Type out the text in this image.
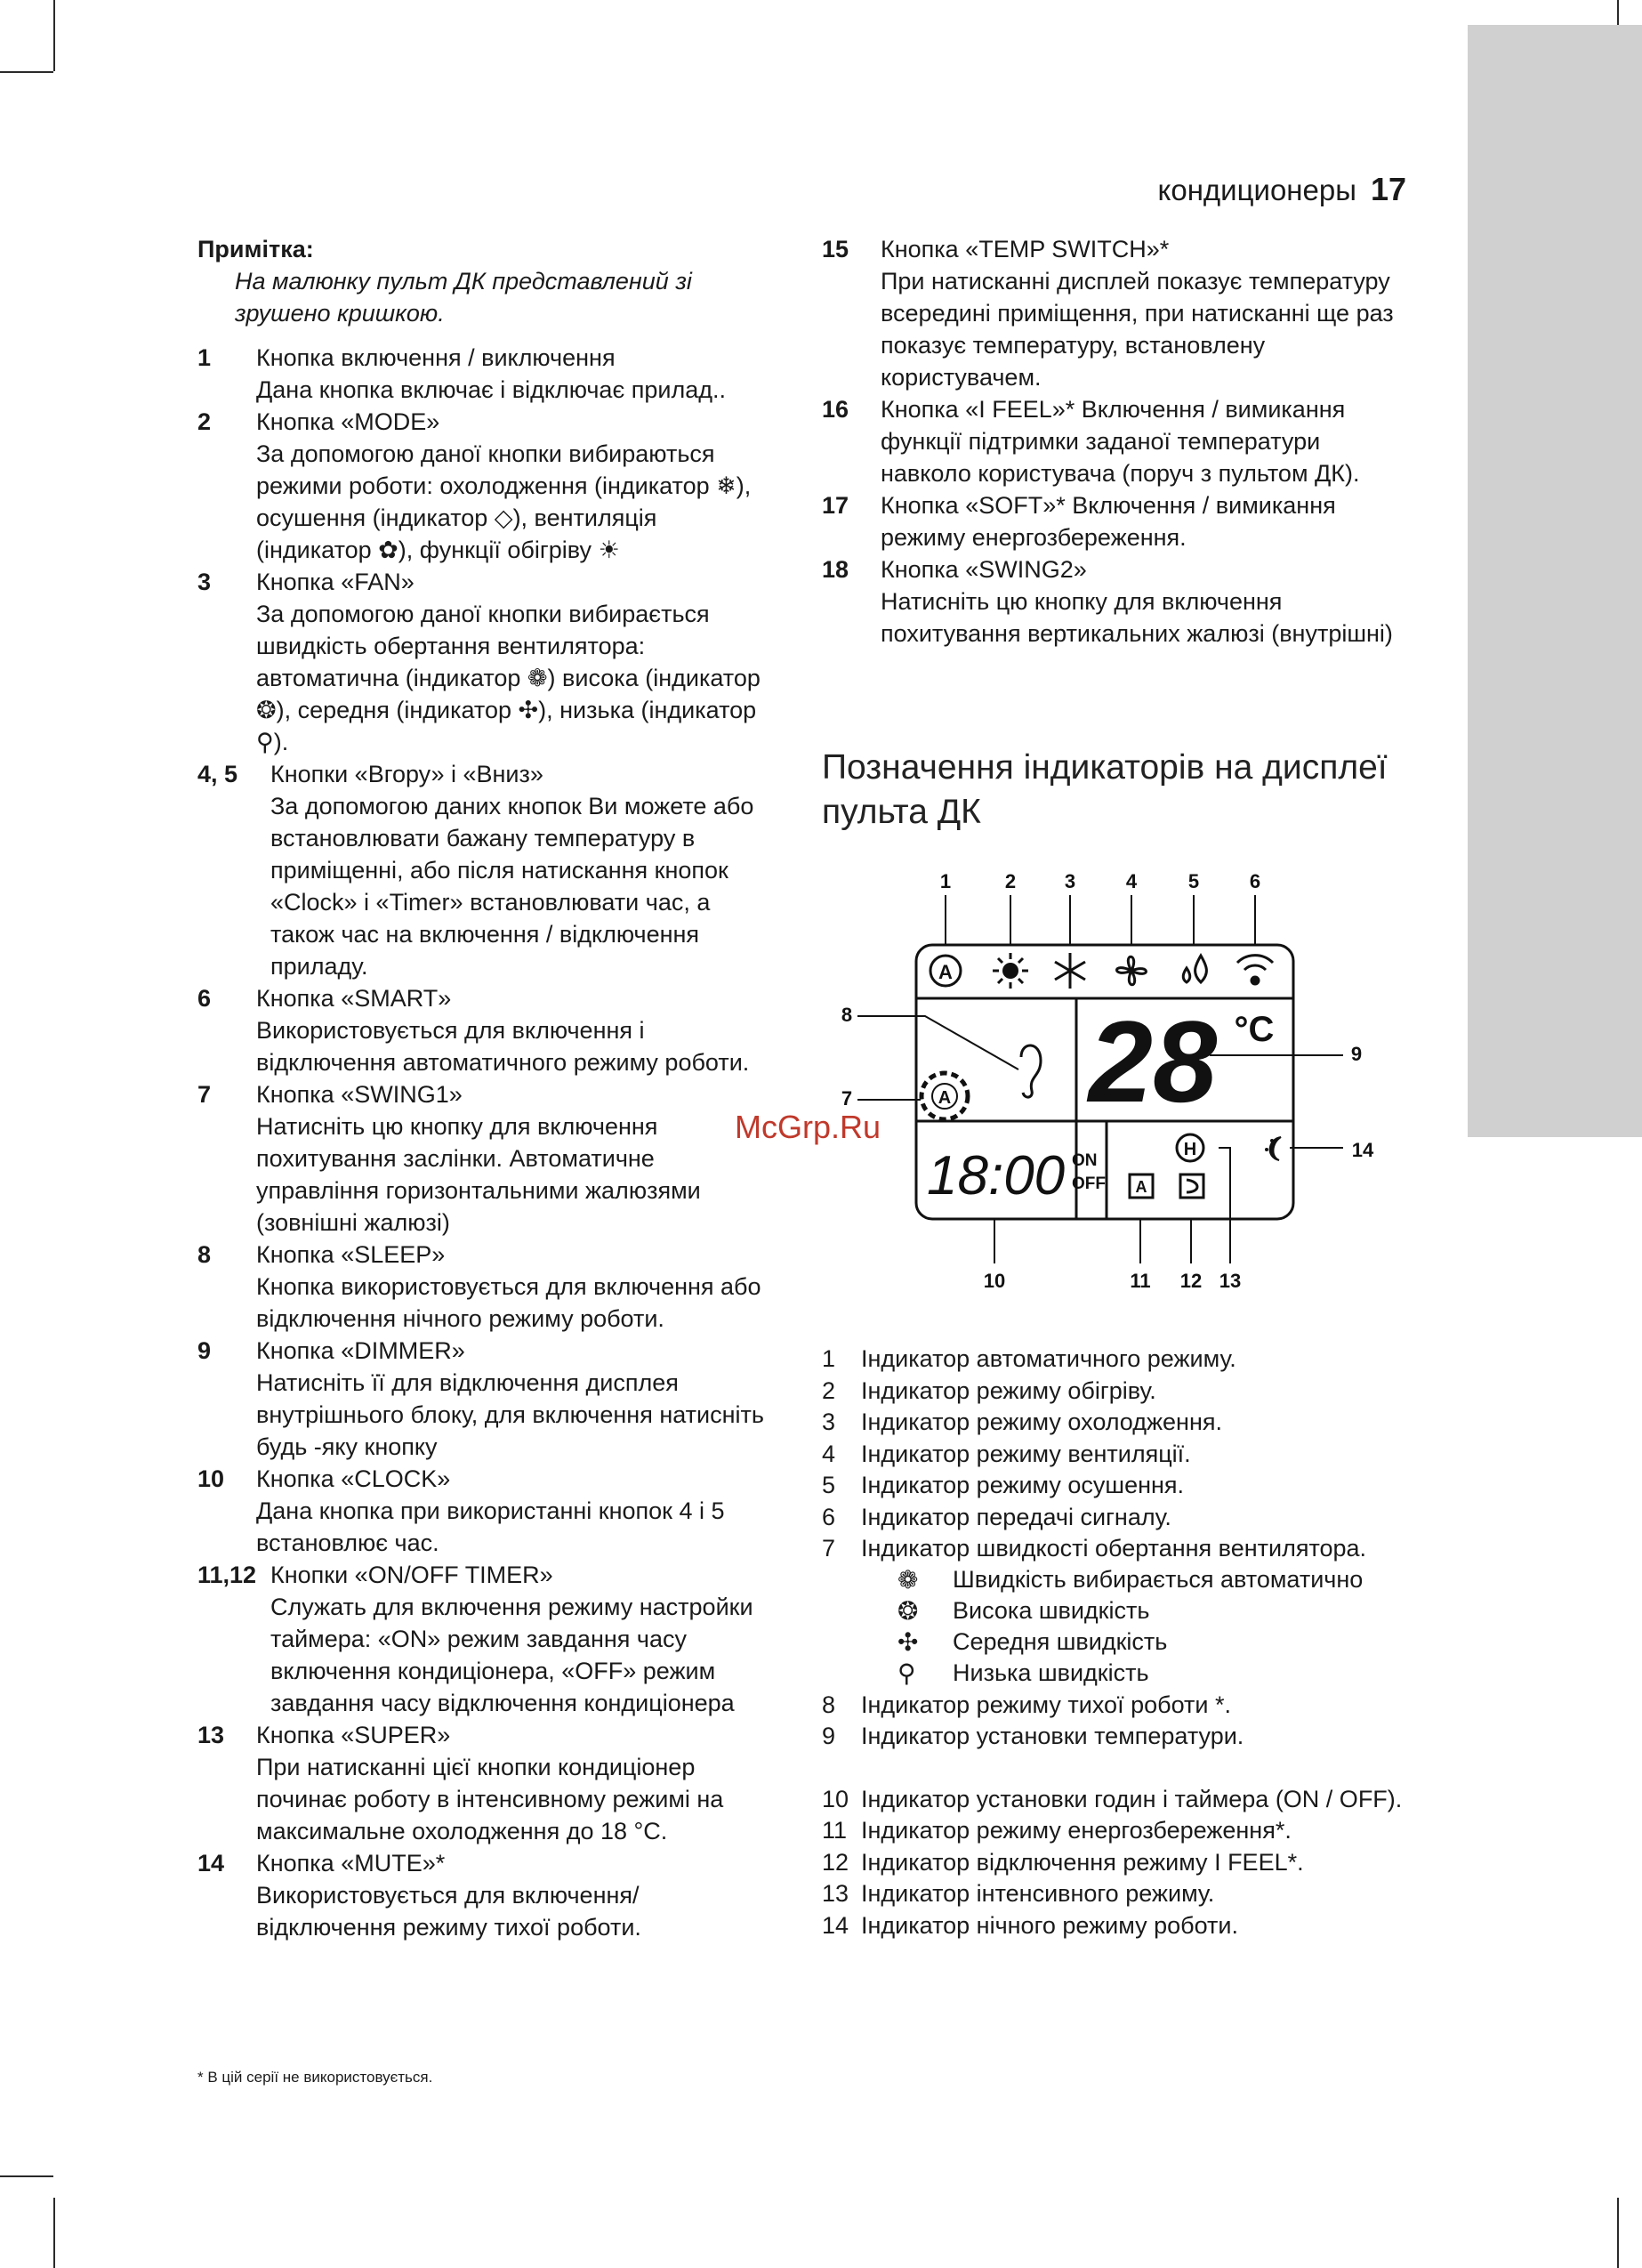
кондиционеры 17
Примітка:
На малюнку пульт ДК представлений зі зрушено кришкою.
1	Кнопка включення / виключення
Дана кнопка включає і відключає прилад..
2	Кнопка «MODE»
За допомогою даної кнопки вибираються режими роботи: охолодження (індикатор ❄), осушення (індикатор ◇), вентиляція (індикатор ✿), функції обігріву ☀
3	Кнопка «FAN»
За допомогою даної кнопки вибирається швидкість обертання вентилятора: автоматична (індикатор ❁) висока (індикатор ❂), середня (індикатор ✣), низька (індикатор ⚲).
4, 5	Кнопки «Вгору» і «Вниз»
За допомогою даних кнопок Ви можете або встановлювати бажану температуру в приміщенні, або після натискання кнопок «Clock» і «Timer» встановлювати час, а також час на включення / відключення приладу.
6	Кнопка «SMART»
Використовується для включення і відключення автоматичного режиму роботи.
7	Кнопка «SWING1»
Натисніть цю кнопку для включення похитування заслінки. Автоматичне управління горизонтальними жалюзями (зовнішні жалюзі)
8	Кнопка «SLEEP»
Кнопка використовується для включення або відключення нічного режиму роботи.
9	Кнопка «DIMMER»
Натисніть її для відключення дисплея внутрішнього блоку, для включення натисніть будь -яку кнопку
10	Кнопка «CLOCK»
Дана кнопка при використанні кнопок 4 і 5 встановлює час.
11,12 Кнопки «ON/OFF TIMER»
Служать для включення режиму настройки таймера: «ON» режим завдання часу включення кондиціонера, «OFF» режим завдання часу відключення кондиціонера
13	Кнопка «SUPER»
При натисканні цієї кнопки кондиціонер починає роботу в інтенсивному режимі на максимальне охолодження до 18 °С.
14	Кнопка «MUTE»*
Використовується для включення/ відключення режиму тихої роботи.
15	Кнопка «TEMP SWITCH»*
При натисканні дисплей показує температуру всередині приміщення, при натисканні ще раз показує температуру, встановлену користувачем.
16	Кнопка «I FEEL»* Включення / вимикання функції підтримки заданої температури навколо користувача (поруч з пультом ДК).
17	Кнопка «SOFT»* Включення / вимикання режиму енергозбереження.
18	Кнопка «SWING2»
Натисніть цю кнопку для включення похитування вертикальних жалюзі (внутрішні)
Позначення індикаторів на дисплеї пульта ДК
1	2 3	4	5	6
8
7
9
14
10	11 12 13
A
A 28 °C
18:00 ON
OFF A
H
1	Індикатор автоматичного режиму.
2	Індикатор режиму обігріву.
3	Індикатор режиму охолодження.
4	Індикатор режиму вентиляції.
5	Індикатор режиму осушення.
6	Індикатор передачі сигналу.
7	Індикатор швидкості обертання вентилятора.
❁	Швидкість вибирається автоматично
❂	Висока швидкість
✣	Середня швидкість
⚲	Низька швидкість
8	Індикатор режиму тихої роботи *.
9	Індикатор установки температури.
10 Індикатор установки годин і таймера (ON / OFF).
11 Індикатор режиму енергозбереження*.
12 Індикатор відключення режиму I FEEL*.
13 Індикатор інтенсивного режиму.
14 Індикатор нічного режиму роботи.
* В цій серії не використовується.
McGrp.Ru
